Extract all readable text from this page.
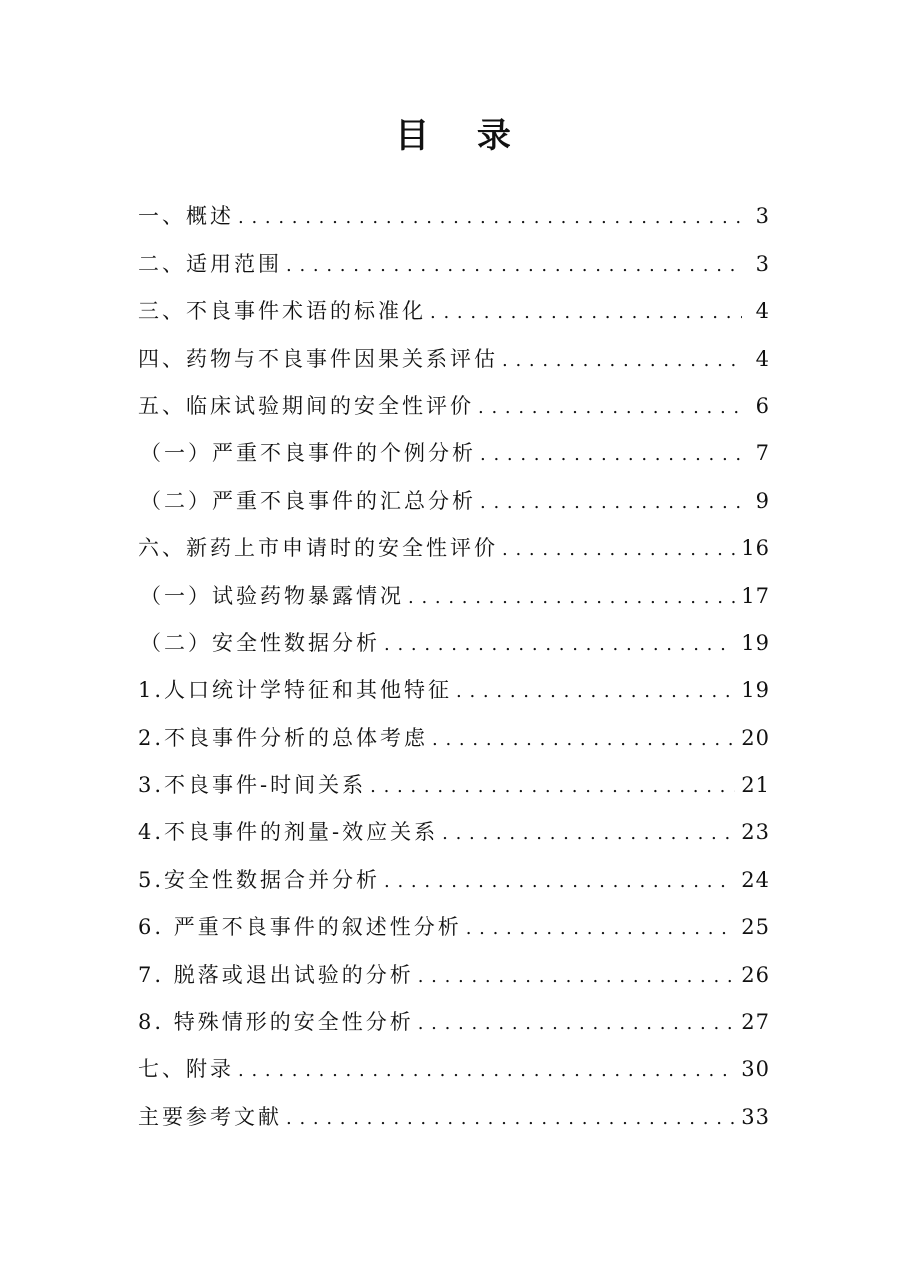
目 录
一、概述 . . .	3
二、适用范围 . . .	3
三、不良事件术语的标准化 . . .	4
四、药物与不良事件因果关系评估 . . .	4
五、临床试验期间的安全性评价 . . .	6
（一）严重不良事件的个例分析 . . .	7
（二）严重不良事件的汇总分析 . . .	9
六、新药上市申请时的安全性评价 . . .	16
（一）试验药物暴露情况 . . .	17
（二）安全性数据分析 . . .	19
1.人口统计学特征和其他特征 . . .	19
2.不良事件分析的总体考虑 . . .	20
3.不良事件-时间关系 . . .	21
4.不良事件的剂量-效应关系 . . .	23
5.安全性数据合并分析 . . .	24
6. 严重不良事件的叙述性分析 . . .	25
7. 脱落或退出试验的分析 . . .	26
8. 特殊情形的安全性分析 . . .	27
七、附录 . . .	30
主要参考文献 . . .	33
